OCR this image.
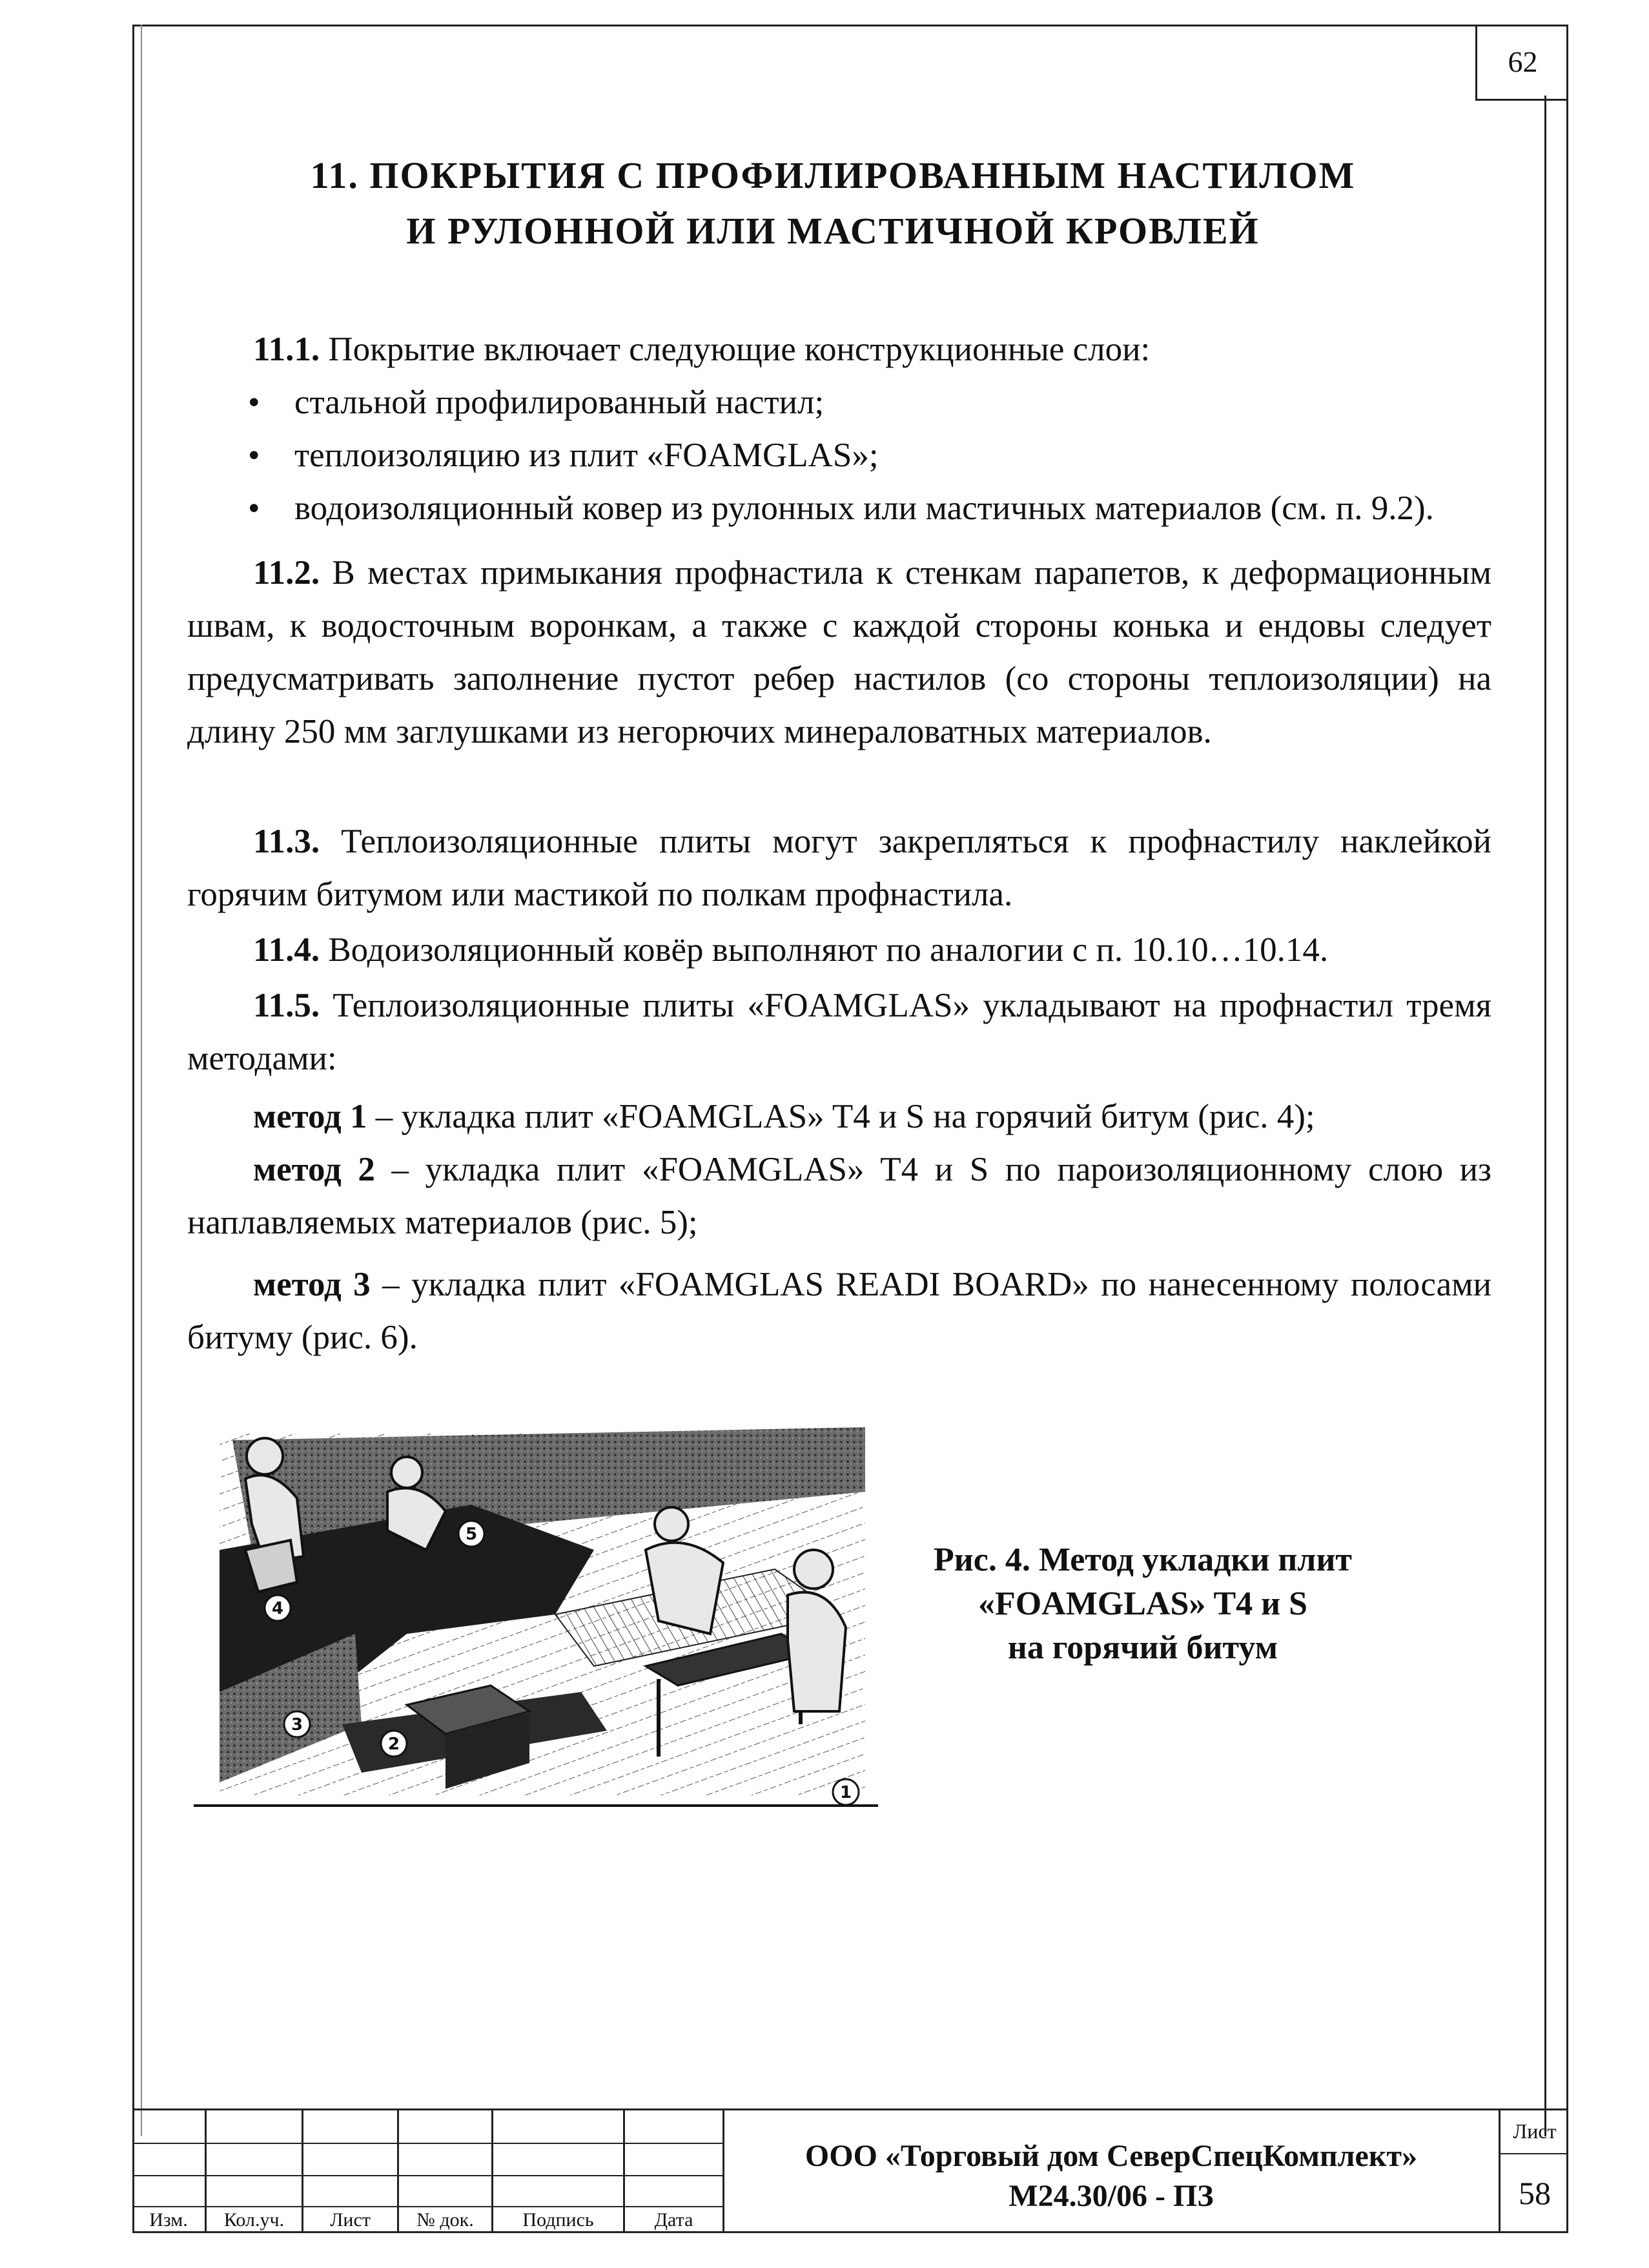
62
11. ПОКРЫТИЯ С ПРОФИЛИРОВАННЫМ НАСТИЛОМ
И РУЛОННОЙ ИЛИ МАСТИЧНОЙ КРОВЛЕЙ
11.1. Покрытие включает следующие конструкционные слои:
• стальной профилированный настил;
• теплоизоляцию из плит «FOAMGLAS»;
• водоизоляционный ковер из рулонных или мастичных материалов (см. п. 9.2).
11.2. В местах примыкания профнастила к стенкам парапетов, к деформационным швам, к водосточным воронкам, а также с каждой стороны конька и ендовы следует предусматривать заполнение пустот ребер настилов (со стороны теплоизоляции) на длину 250 мм заглушками из негорючих минераловатных материалов.
11.3. Теплоизоляционные плиты могут закрепляться к профнастилу наклейкой горячим битумом или мастикой по полкам профнастила.
11.4. Водоизоляционный ковёр выполняют по аналогии с п. 10.10…10.14.
11.5. Теплоизоляционные плиты «FOAMGLAS» укладывают на профнастил тремя методами:
метод 1 – укладка плит «FOAMGLAS» T4 и S на горячий битум (рис. 4);
метод 2 – укладка плит «FOAMGLAS» T4 и S по пароизоляционному слою из наплавляемых материалов (рис. 5);
метод 3 – укладка плит «FOAMGLAS READI BOARD» по нанесенному полосами битуму (рис. 6).
5
4
3
2
1
Рис. 4. Метод укладки плит
«FOAMGLAS» T4 и S
на горячий битум
Изм.	Кол.уч.	Лист	№ док.	Подпись	Дата
ООО «Торговый дом СеверСпецКомплект»
М24.30/06 - ПЗ
Лист
58
